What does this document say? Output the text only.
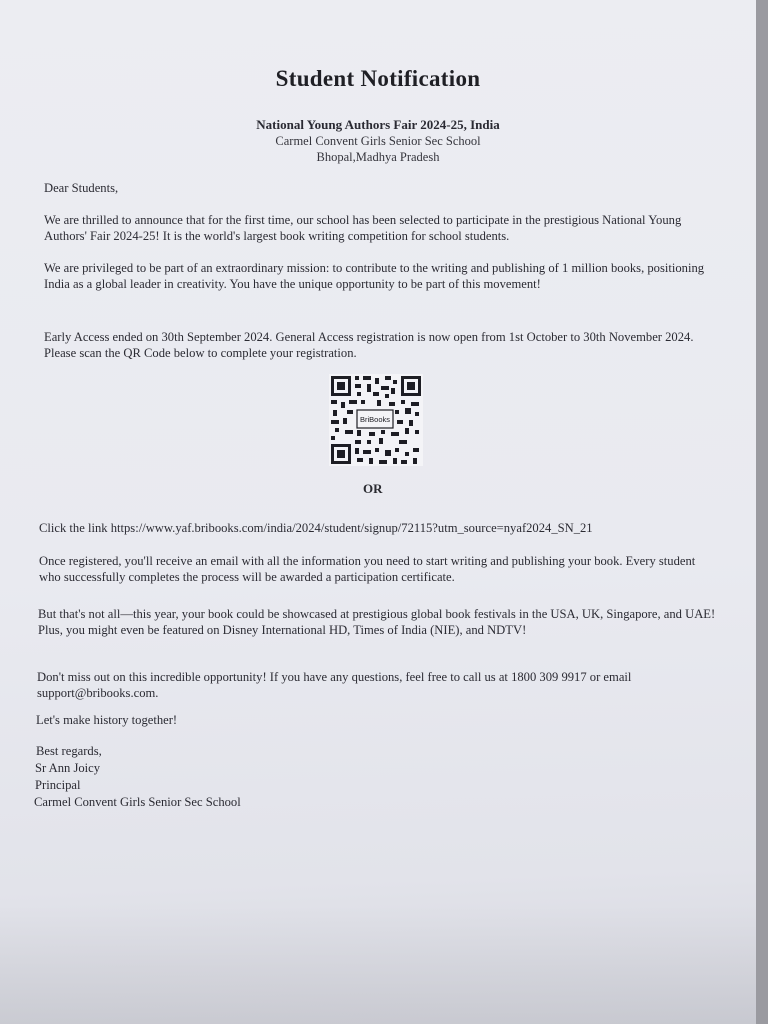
Student Notification
National Young Authors Fair 2024-25, India
Carmel Convent Girls Senior Sec School
Bhopal,Madhya Pradesh
Dear Students,
We are thrilled to announce that for the first time, our school has been selected to participate in the prestigious National Young Authors' Fair 2024-25! It is the world's largest book writing competition for school students.
We are privileged to be part of an extraordinary mission: to contribute to the writing and publishing of 1 million books, positioning India as a global leader in creativity. You have the unique opportunity to be part of this movement!
Early Access ended on 30th September 2024. General Access registration is now open from 1st October to 30th November 2024. Please scan the QR Code below to complete your registration.
BriBooks
OR
Click the link https://www.yaf.bribooks.com/india/2024/student/signup/72115?utm_source=nyaf2024_SN_21
Once registered, you'll receive an email with all the information you need to start writing and publishing your book. Every student who successfully completes the process will be awarded a participation certificate.
But that's not all—this year, your book could be showcased at prestigious global book festivals in the USA, UK, Singapore, and UAE! Plus, you might even be featured on Disney International HD, Times of India (NIE), and NDTV!
Don't miss out on this incredible opportunity! If you have any questions, feel free to call us at 1800 309 9917 or email support@bribooks.com.
Let's make history together!
Best regards,
Sr Ann Joicy
Principal
Carmel Convent Girls Senior Sec School
